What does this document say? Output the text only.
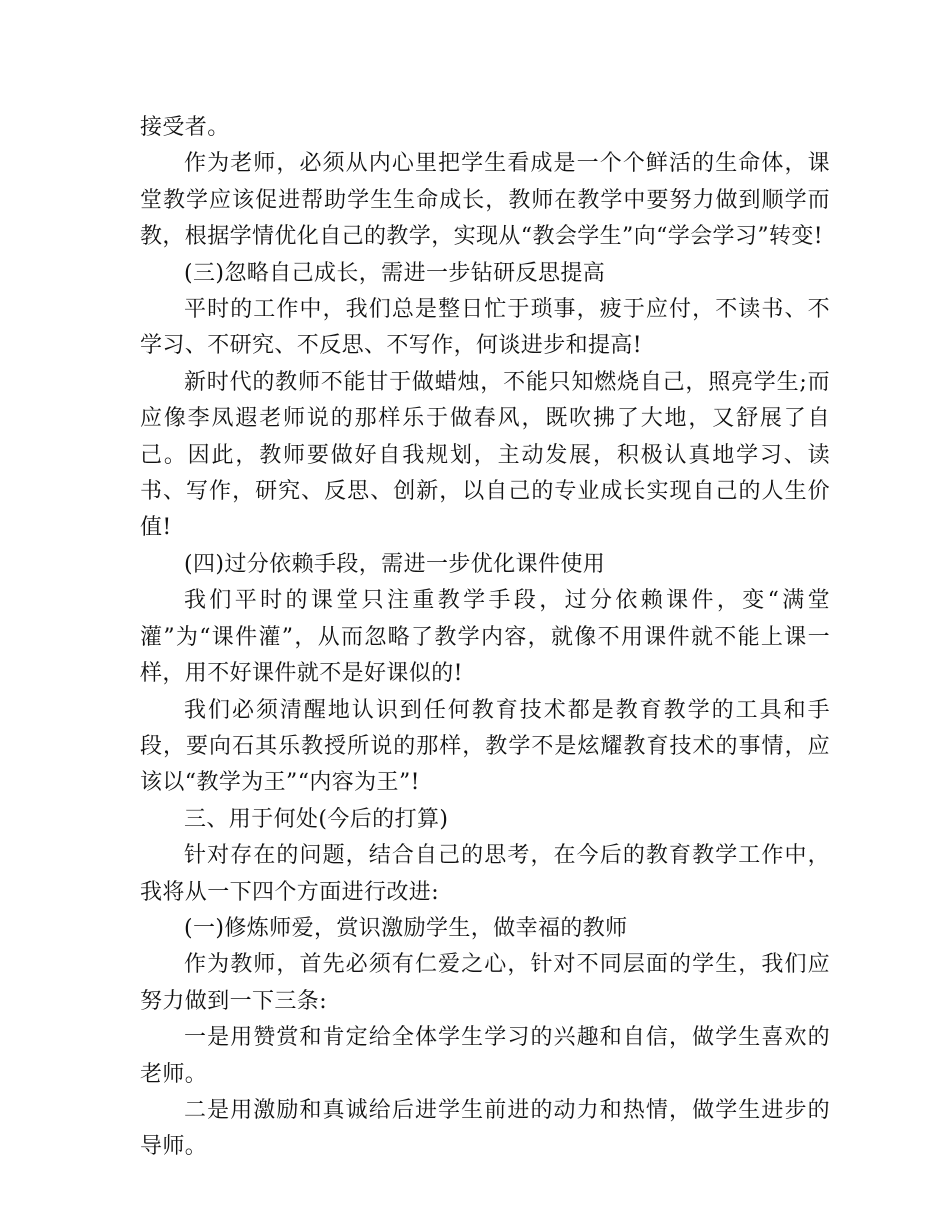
接受者。

作为老师，必须从内心里把学生看成是一个个鲜活的生命体，课堂教学应该促进帮助学生生命成长，教师在教学中要努力做到顺学而教，根据学情优化自己的教学，实现从“教会学生”向“学会学习”转变!

(三)忽略自己成长，需进一步钻研反思提高

平时的工作中，我们总是整日忙于琐事，疲于应付，不读书、不学习、不研究、不反思、不写作，何谈进步和提高!

新时代的教师不能甘于做蜡烛，不能只知燃烧自己，照亮学生;而应像李凤遐老师说的那样乐于做春风，既吹拂了大地，又舒展了自己。因此，教师要做好自我规划，主动发展，积极认真地学习、读书、写作，研究、反思、创新，以自己的专业成长实现自己的人生价值!

(四)过分依赖手段，需进一步优化课件使用

我们平时的课堂只注重教学手段，过分依赖课件，变“满堂灌”为“课件灌”，从而忽略了教学内容，就像不用课件就不能上课一样，用不好课件就不是好课似的!

我们必须清醒地认识到任何教育技术都是教育教学的工具和手段，要向石其乐教授所说的那样，教学不是炫耀教育技术的事情，应该以“教学为王”“内容为王”!

三、用于何处(今后的打算)

针对存在的问题，结合自己的思考，在今后的教育教学工作中，我将从一下四个方面进行改进:

(一)修炼师爱，赏识激励学生，做幸福的教师

作为教师，首先必须有仁爱之心，针对不同层面的学生，我们应努力做到一下三条:

一是用赞赏和肯定给全体学生学习的兴趣和自信，做学生喜欢的老师。

二是用激励和真诚给后进学生前进的动力和热情，做学生进步的导师。
